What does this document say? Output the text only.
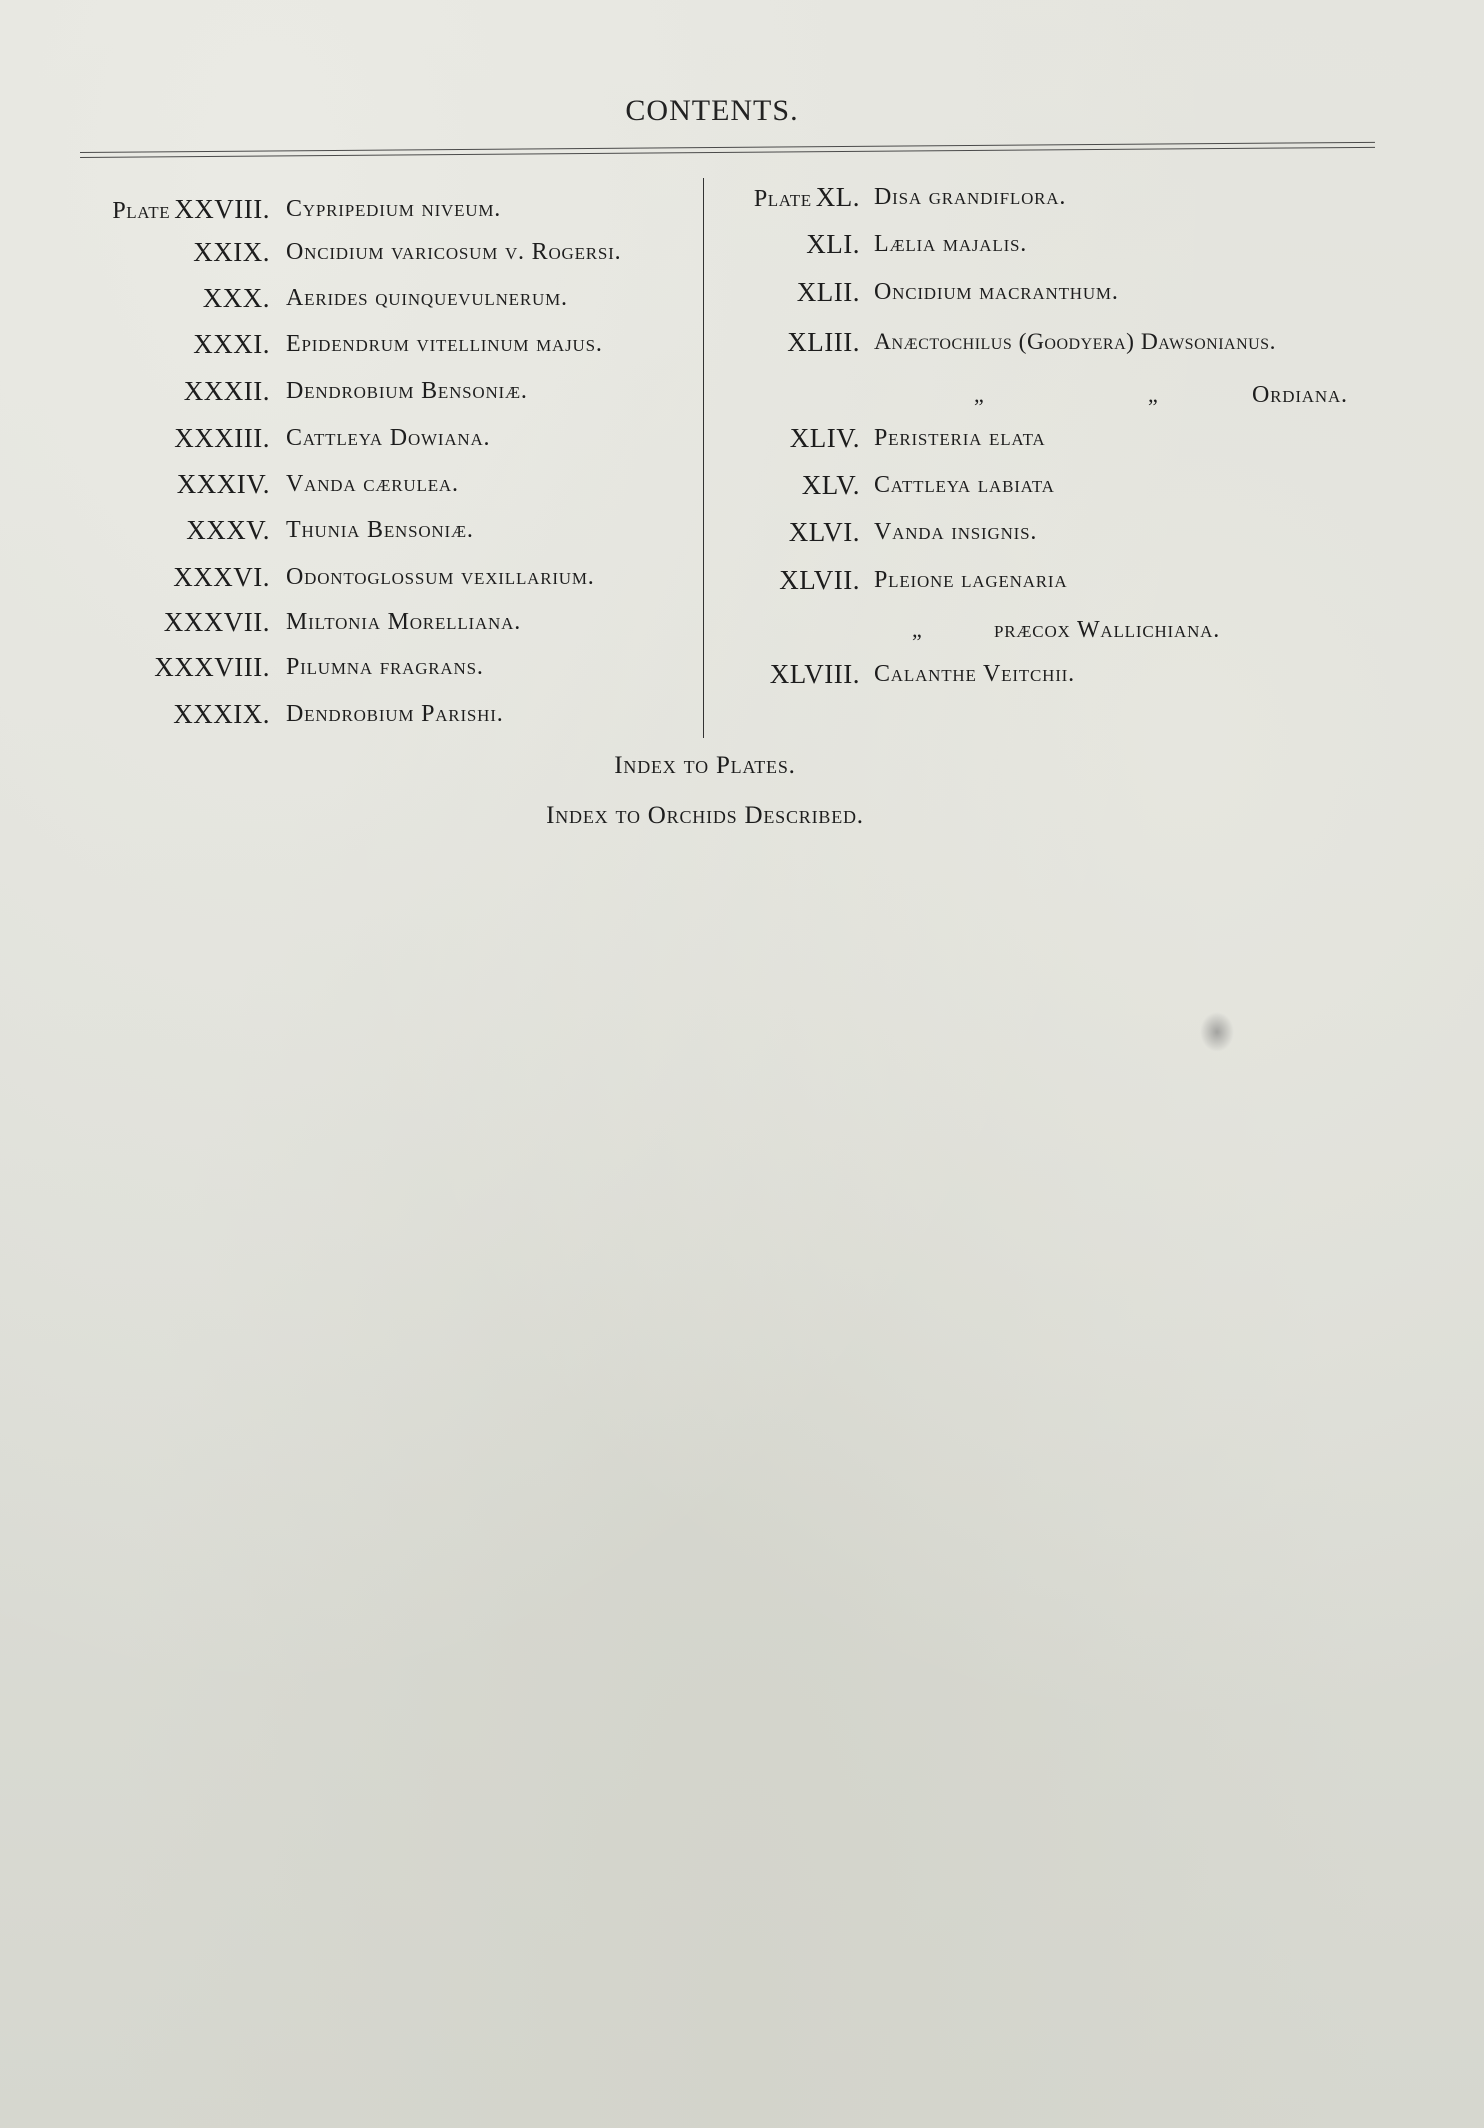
CONTENTS.
Plate XXVIII. Cypripedium niveum.
XXIX. Oncidium varicosum v. Rogersi.
XXX. Aerides quinquevulnerum.
XXXI. Epidendrum vitellinum majus.
XXXII. Dendrobium Bensoniæ.
XXXIII. Cattleya Dowiana.
XXXIV. Vanda cærulea.
XXXV. Thunia Bensoniæ.
XXXVI. Odontoglossum vexillarium.
XXXVII. Miltonia Morelliana.
XXXVIII. Pilumna fragrans.
XXXIX. Dendrobium Parishi.
Plate XL. Disa grandiflora.
XLI. Lælia majalis.
XLII. Oncidium macranthum.
XLIII. Anæctochilus (Goodyera) Dawsonianus.
„	„	Ordiana.
XLIV. Peristeria elata
XLV. Cattleya labiata
XLVI. Vanda insignis.
XLVII. Pleione lagenaria
„	præcox Wallichiana.
XLVIII. Calanthe Veitchii.
Index to Plates.
Index to Orchids Described.
